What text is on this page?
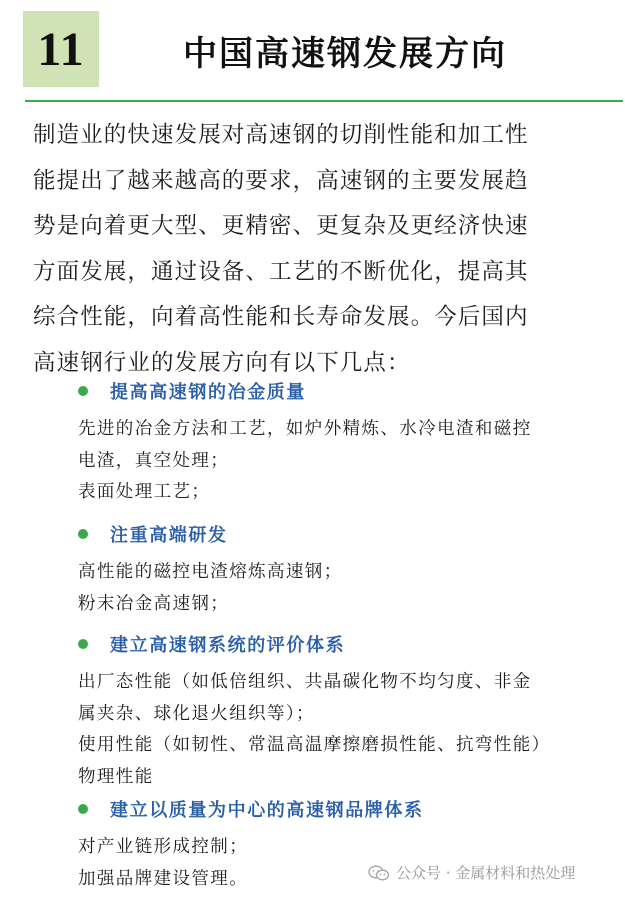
11	中国高速钢发展方向
制造业的快速发展对高速钢的切削性能和加工性
能提出了越来越高的要求，高速钢的主要发展趋
势是向着更大型、更精密、更复杂及更经济快速
方面发展，通过设备、工艺的不断优化，提高其
综合性能，向着高性能和长寿命发展。今后国内
高速钢行业的发展方向有以下几点：
提高高速钢的冶金质量

先进的冶金方法和工艺，如炉外精炼、水冷电渣和磁控

电渣，真空处理；

表面处理工艺；

注重高端研发

高性能的磁控电渣熔炼高速钢；

粉末冶金高速钢；

建立高速钢系统的评价体系

出厂态性能（如低倍组织、共晶碳化物不均匀度、非金

属夹杂、球化退火组织等）；

使用性能（如韧性、常温高温摩擦磨损性能、抗弯性能）

物理性能

建立以质量为中心的高速钢品牌体系

对产业链形成控制；

加强品牌建设管理。	公众号 · 金属材料和热处理
